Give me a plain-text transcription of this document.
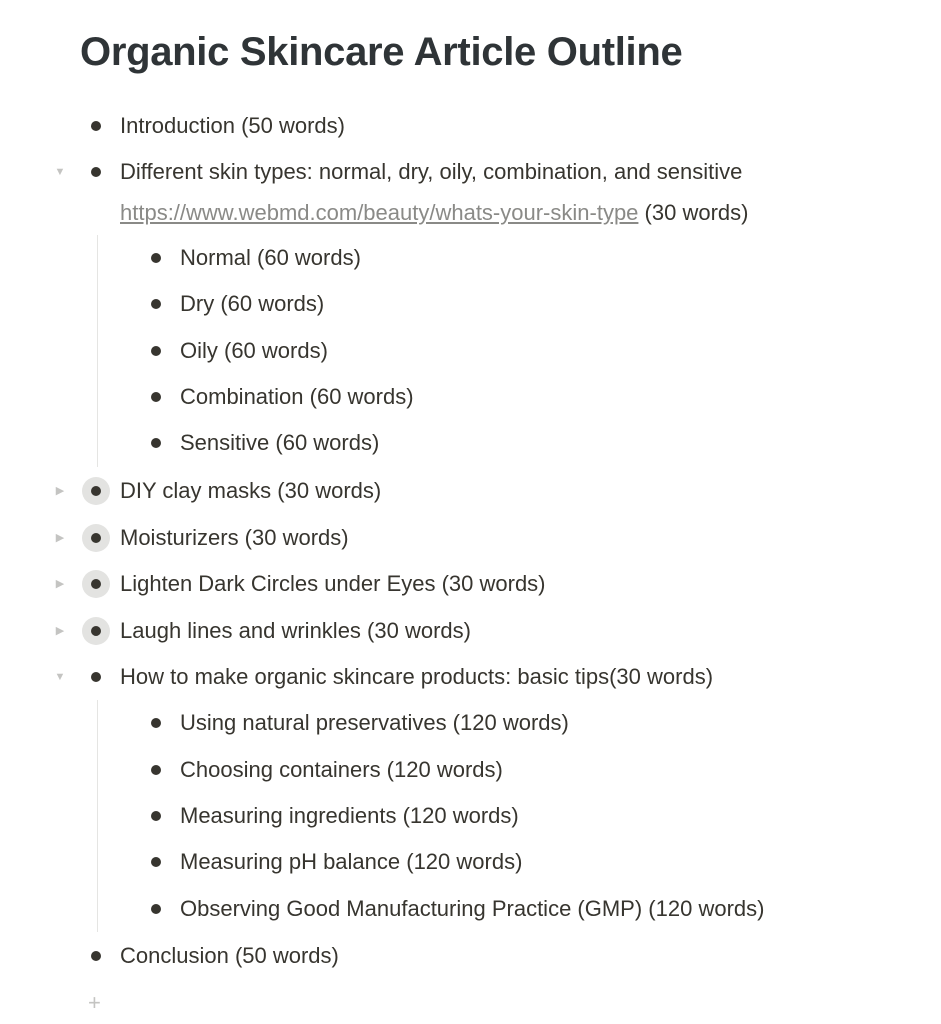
Organic Skincare Article Outline
Introduction (50 words)
▼ Different skin types: normal, dry, oily, combination, and sensitive
https://www.webmd.com/beauty/whats-your-skin-type (30 words)
Normal (60 words)
Dry (60 words)
Oily (60 words)
Combination (60 words)
Sensitive (60 words)
▶	DIY clay masks (30 words)
▶	Moisturizers (30 words)
▶	Lighten Dark Circles under Eyes (30 words)
▶	Laugh lines and wrinkles (30 words)
▼ How to make organic skincare products: basic tips(30 words)
Using natural preservatives (120 words)
Choosing containers (120 words)
Measuring ingredients (120 words)
Measuring pH balance (120 words)
Observing Good Manufacturing Practice (GMP) (120 words)
Conclusion (50 words)
+
